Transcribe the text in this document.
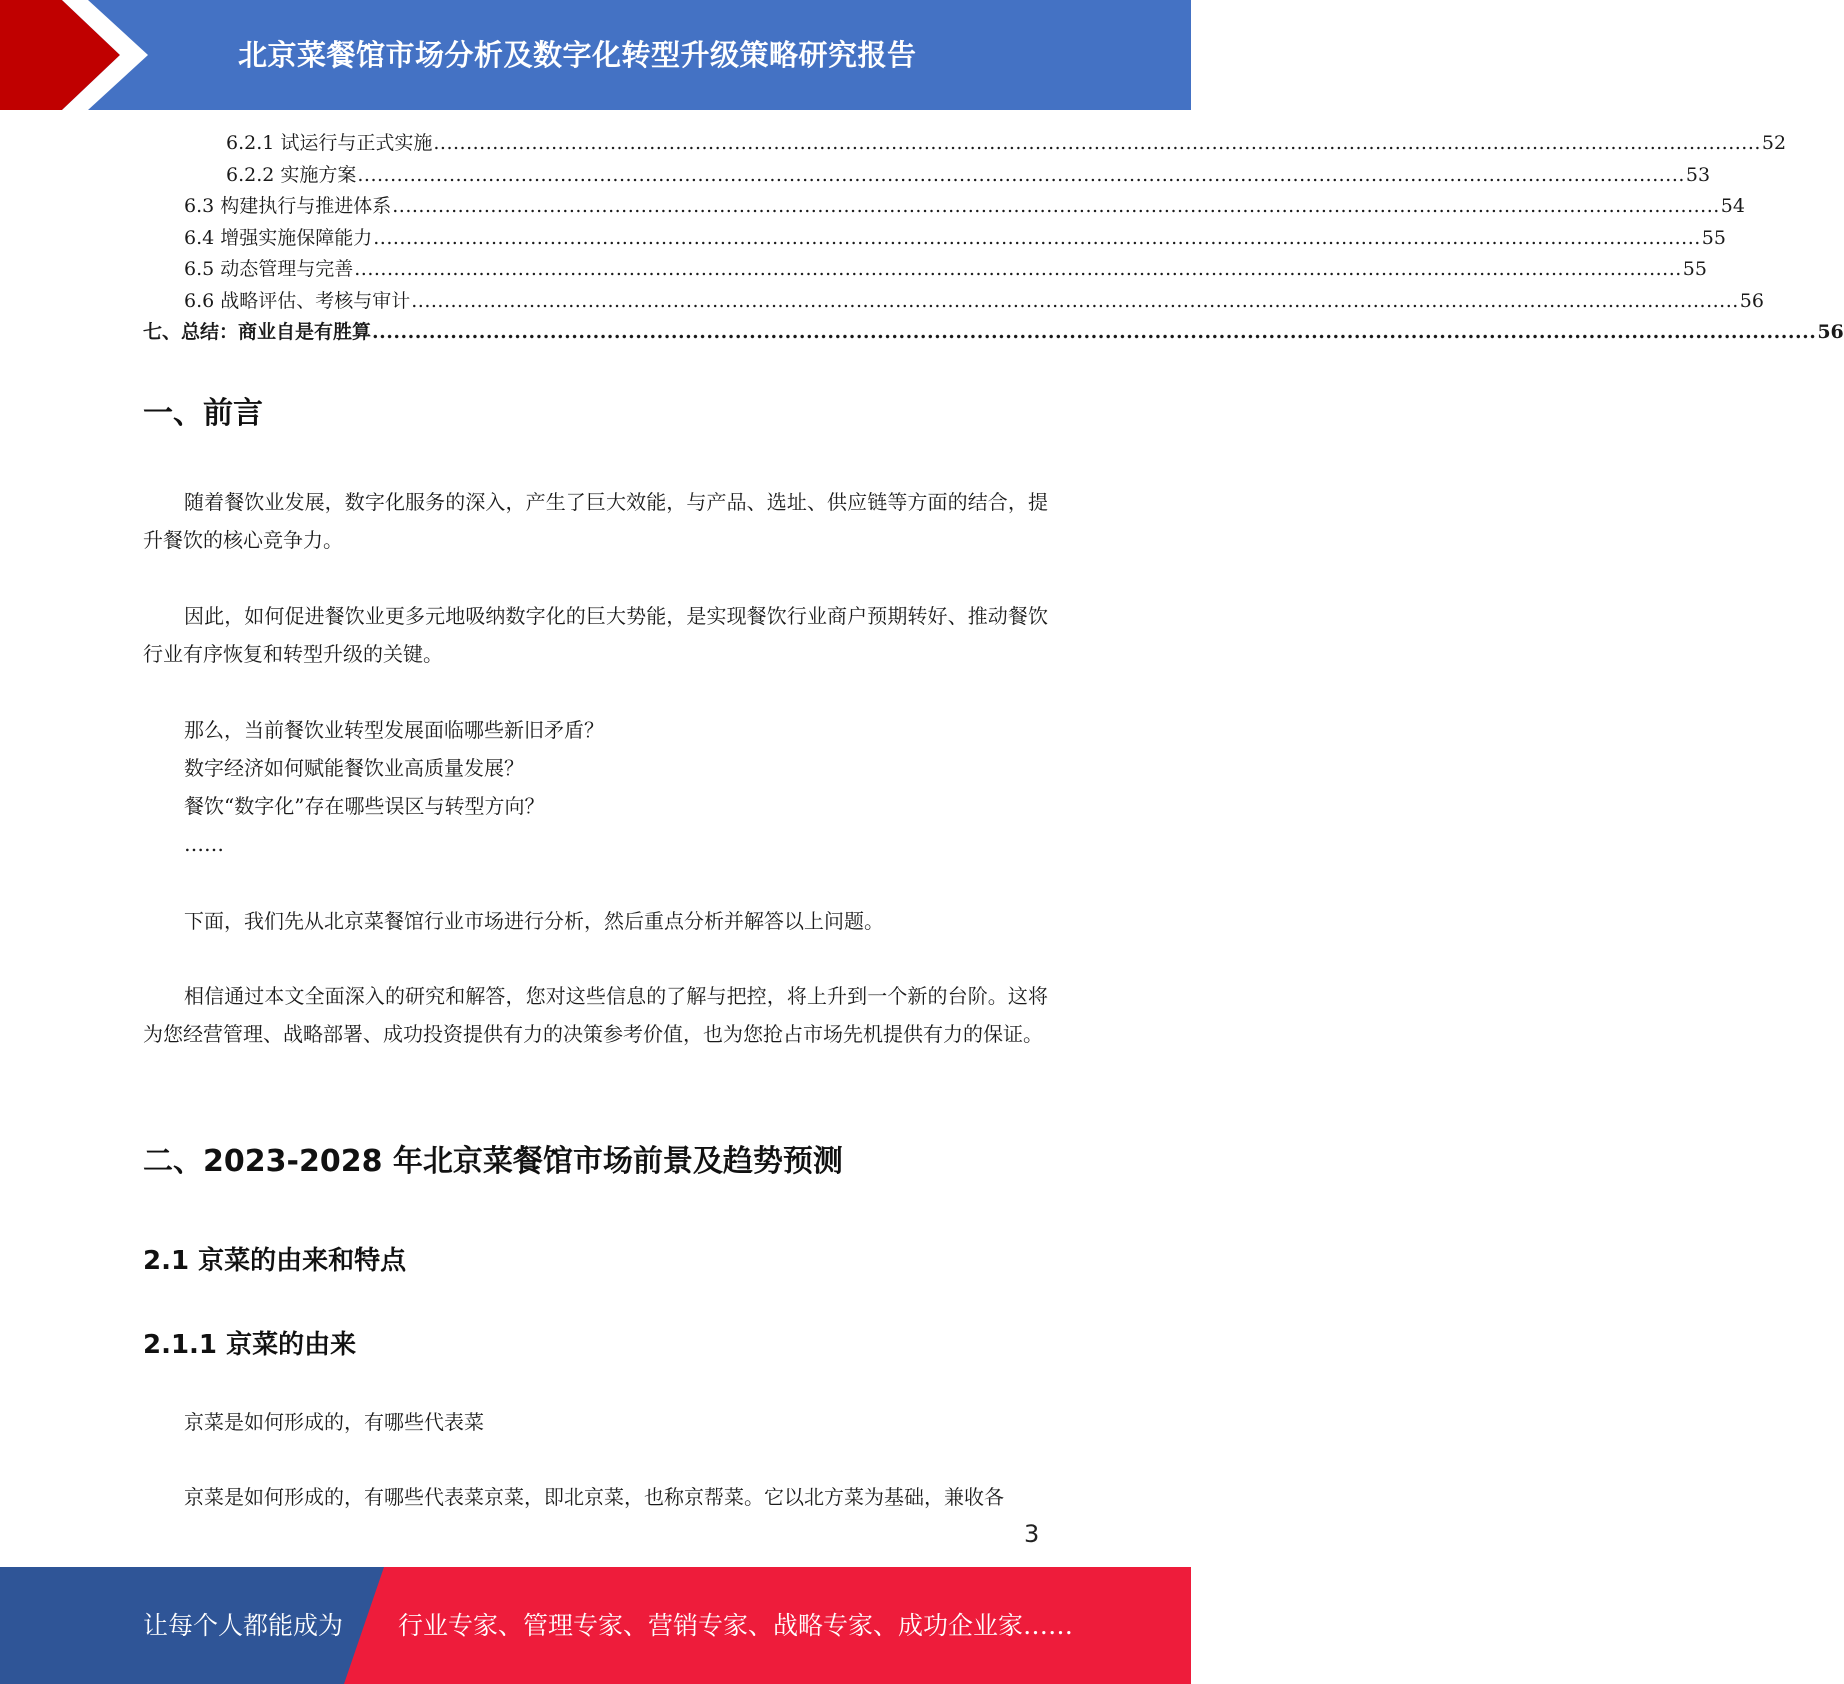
北京菜餐馆市场分析及数字化转型升级策略研究报告
6.2.1 试运行与正式实施 ........................................................................................................................................................................................................... 52
6.2.2 实施方案 ........................................................................................................................................................................................................... 53
6.3 构建执行与推进体系 ........................................................................................................................................................................................................... 54
6.4 增强实施保障能力 ........................................................................................................................................................................................................... 55
6.5 动态管理与完善 ........................................................................................................................................................................................................... 55
6.6 战略评估、考核与审计 ........................................................................................................................................................................................................... 56
七、总结：商业自是有胜算 ........................................................................................................................................................................................................... 56
一、前言
随着餐饮业发展，数字化服务的深入，产生了巨大效能，与产品、选址、供应链等方面的结合，提升餐饮的核心竞争力。
因此，如何促进餐饮业更多元地吸纳数字化的巨大势能，是实现餐饮行业商户预期转好、推动餐饮行业有序恢复和转型升级的关键。
那么，当前餐饮业转型发展面临哪些新旧矛盾？
数字经济如何赋能餐饮业高质量发展？
餐饮“数字化”存在哪些误区与转型方向？
……
下面，我们先从北京菜餐馆行业市场进行分析，然后重点分析并解答以上问题。
相信通过本文全面深入的研究和解答，您对这些信息的了解与把控，将上升到一个新的台阶。这将为您经营管理、战略部署、成功投资提供有力的决策参考价值，也为您抢占市场先机提供有力的保证。
二、2023-2028 年北京菜餐馆市场前景及趋势预测
2.1 京菜的由来和特点
2.1.1 京菜的由来
京菜是如何形成的，有哪些代表菜
京菜是如何形成的，有哪些代表菜京菜，即北京菜，也称京帮菜。它以北方菜为基础，兼收各
3
让每个人都能成为 行业专家、管理专家、营销专家、战略专家、成功企业家……
